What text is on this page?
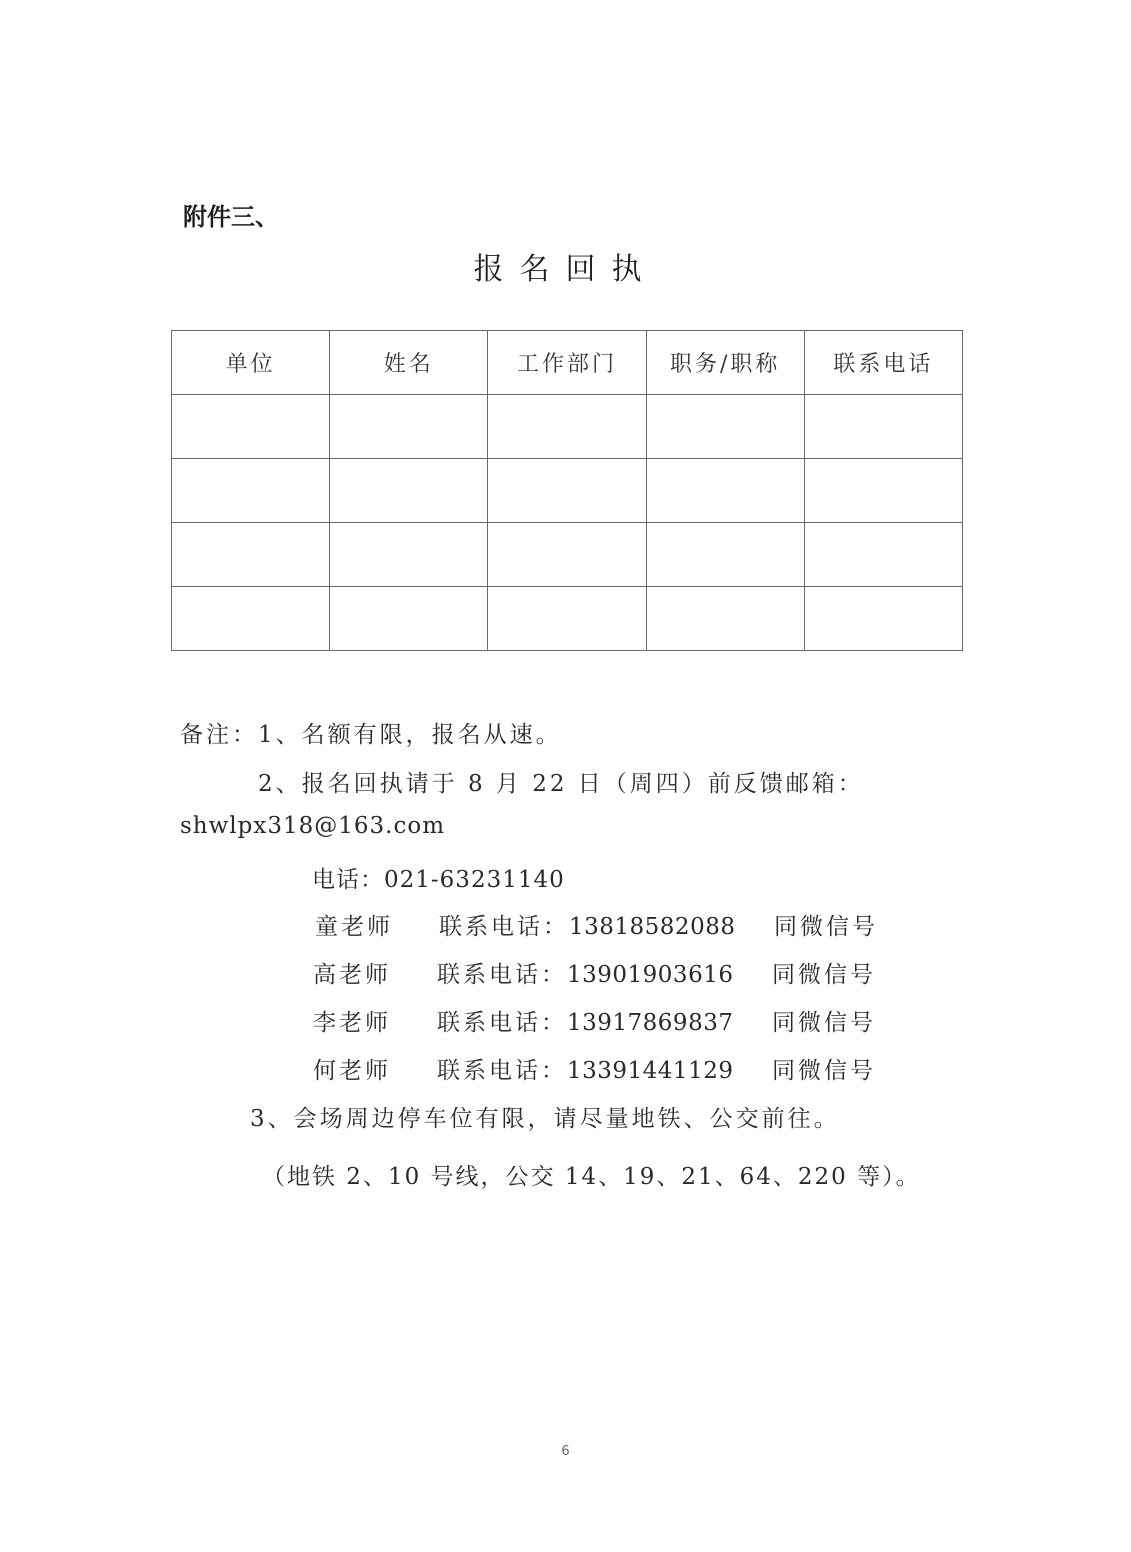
附件三、
报名回执
单位	姓名	工作部门	职务/职称	联系电话

备注：1、名额有限，报名从速。
2、报名回执请于 8 月 22 日（周四）前反馈邮箱：
shwlpx318@163.com
电话：021-63231140
童老师 联系电话：13818582088 同微信号
高老师 联系电话：13901903616 同微信号
李老师 联系电话：13917869837 同微信号
何老师 联系电话：13391441129 同微信号
3、会场周边停车位有限，请尽量地铁、公交前往。
（地铁 2、10 号线，公交 14、19、21、64、220 等）。
6
